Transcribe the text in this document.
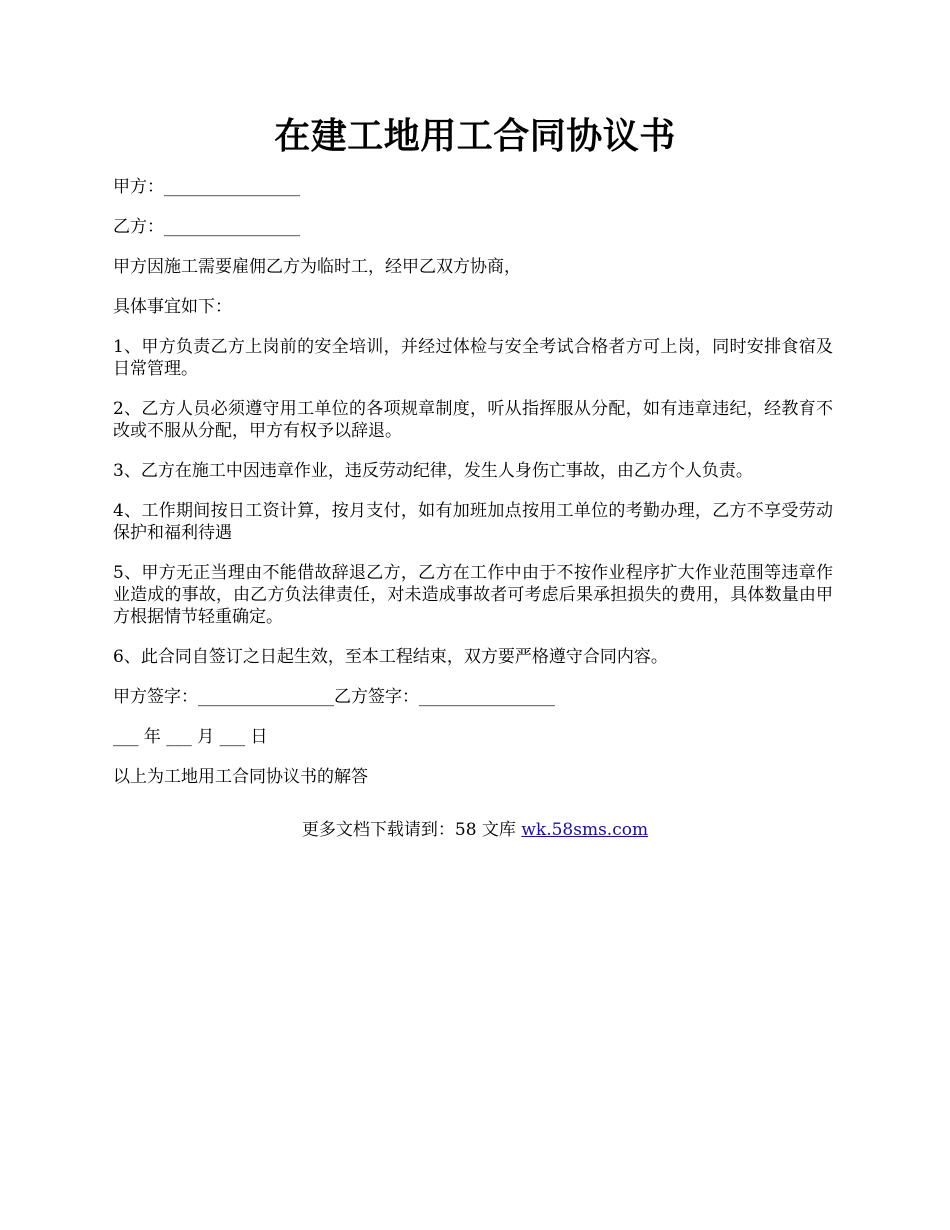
在建工地用工合同协议书

甲方：________________

乙方：________________

甲方因施工需要雇佣乙方为临时工，经甲乙双方协商，

具体事宜如下：

1、甲方负责乙方上岗前的安全培训，并经过体检与安全考试合格者方可上岗，同时安排食宿及日常管理。

2、乙方人员必须遵守用工单位的各项规章制度，听从指挥服从分配，如有违章违纪，经教育不改或不服从分配，甲方有权予以辞退。

3、乙方在施工中因违章作业，违反劳动纪律，发生人身伤亡事故，由乙方个人负责。

4、工作期间按日工资计算，按月支付，如有加班加点按用工单位的考勤办理，乙方不享受劳动保护和福利待遇

5、甲方无正当理由不能借故辞退乙方，乙方在工作中由于不按作业程序扩大作业范围等违章作业造成的事故，由乙方负法律责任，对未造成事故者可考虑后果承担损失的费用，具体数量由甲方根据情节轻重确定。

6、此合同自签订之日起生效，至本工程结束，双方要严格遵守合同内容。

甲方签字：________________乙方签字：________________

___ 年 ___ 月 ___ 日

以上为工地用工合同协议书的解答

更多文档下载请到：58 文库 wk.58sms.com
